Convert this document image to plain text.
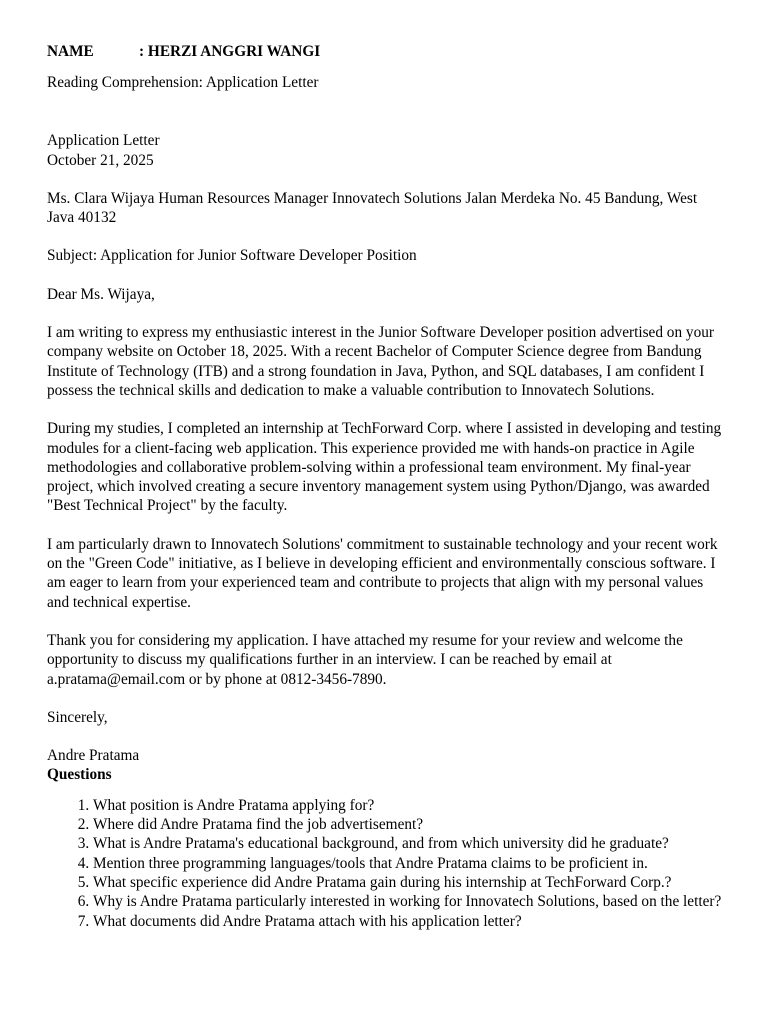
NAME	: HERZI ANGGRI WANGI

Reading Comprehension: Application Letter

Application Letter

October 21, 2025

Ms. Clara Wijaya Human Resources Manager Innovatech Solutions Jalan Merdeka No. 45 Bandung, West Java 40132

Subject: Application for Junior Software Developer Position

Dear Ms. Wijaya,

I am writing to express my enthusiastic interest in the Junior Software Developer position advertised on your company website on October 18, 2025. With a recent Bachelor of Computer Science degree from Bandung Institute of Technology (ITB) and a strong foundation in Java, Python, and SQL databases, I am confident I possess the technical skills and dedication to make a valuable contribution to Innovatech Solutions.

During my studies, I completed an internship at TechForward Corp. where I assisted in developing and testing modules for a client-facing web application. This experience provided me with hands-on practice in Agile methodologies and collaborative problem-solving within a professional team environment. My final-year project, which involved creating a secure inventory management system using Python/Django, was awarded "Best Technical Project" by the faculty.

I am particularly drawn to Innovatech Solutions' commitment to sustainable technology and your recent work on the "Green Code" initiative, as I believe in developing efficient and environmentally conscious software. I am eager to learn from your experienced team and contribute to projects that align with my personal values and technical expertise.

Thank you for considering my application. I have attached my resume for your review and welcome the opportunity to discuss my qualifications further in an interview. I can be reached by email at a.pratama@email.com or by phone at 0812-3456-7890.

Sincerely,

Andre Pratama

Questions

1. What position is Andre Pratama applying for?
2. Where did Andre Pratama find the job advertisement?
3. What is Andre Pratama's educational background, and from which university did he graduate?
4. Mention three programming languages/tools that Andre Pratama claims to be proficient in.
5. What specific experience did Andre Pratama gain during his internship at TechForward Corp.?
6. Why is Andre Pratama particularly interested in working for Innovatech Solutions, based on the letter?
7. What documents did Andre Pratama attach with his application letter?
